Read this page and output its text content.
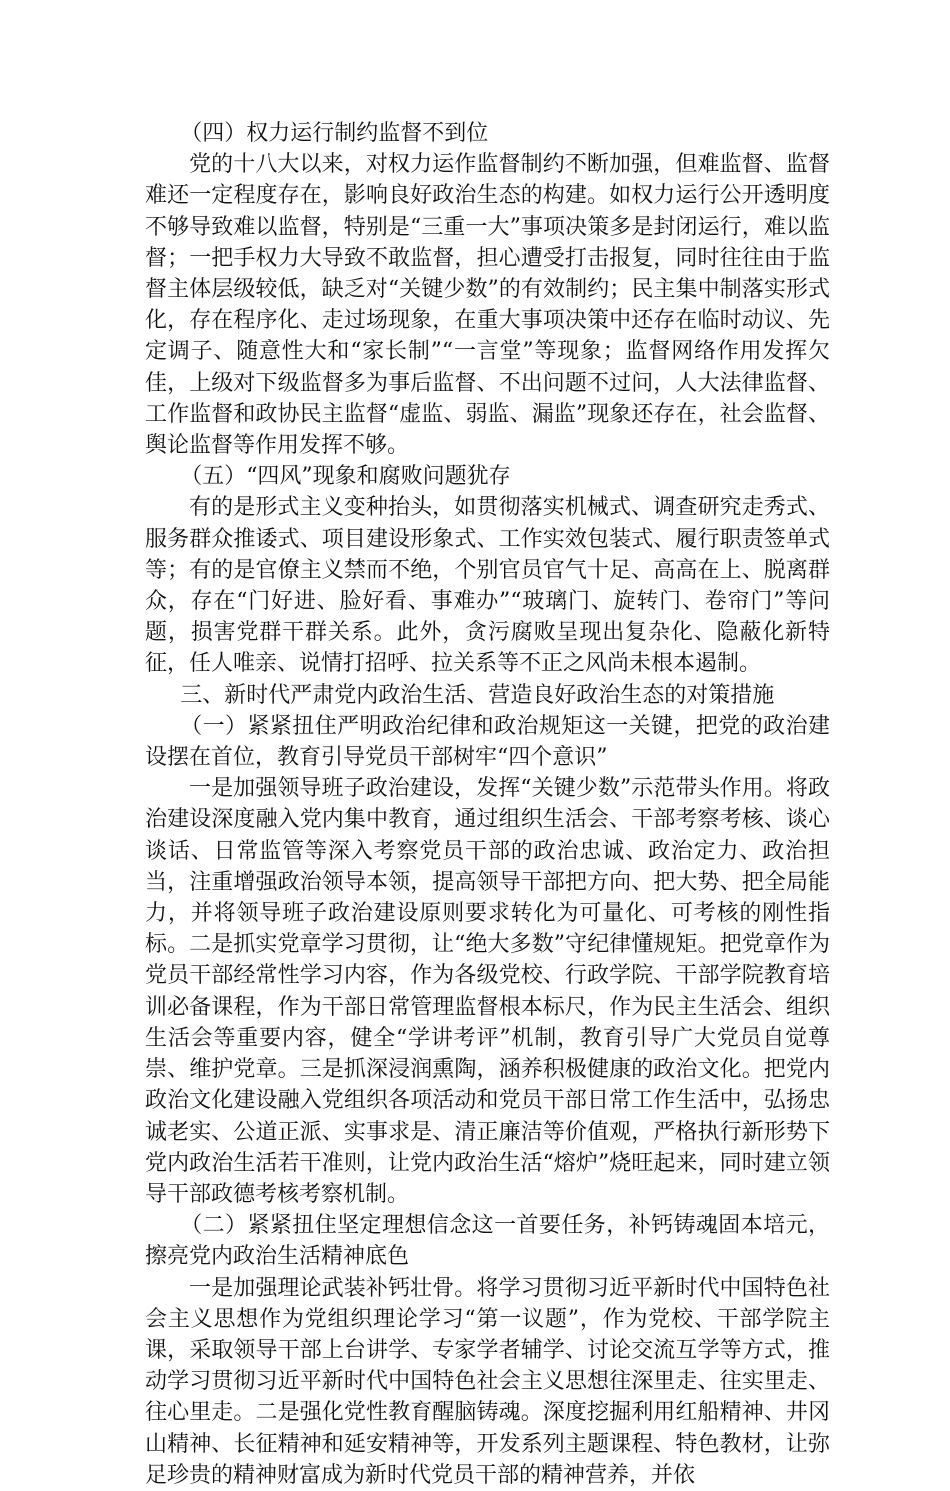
（四）权力运行制约监督不到位

党的十八大以来，对权力运作监督制约不断加强，但难监督、监督难还一定程度存在，影响良好政治生态的构建。如权力运行公开透明度不够导致难以监督，特别是“三重一大”事项决策多是封闭运行，难以监督；一把手权力大导致不敢监督，担心遭受打击报复，同时往往由于监督主体层级较低，缺乏对“关键少数”的有效制约；民主集中制落实形式化，存在程序化、走过场现象，在重大事项决策中还存在临时动议、先定调子、随意性大和“家长制”“一言堂”等现象；监督网络作用发挥欠佳，上级对下级监督多为事后监督、不出问题不过问，人大法律监督、工作监督和政协民主监督“虚监、弱监、漏监”现象还存在，社会监督、舆论监督等作用发挥不够。

（五）“四风”现象和腐败问题犹存

有的是形式主义变种抬头，如贯彻落实机械式、调查研究走秀式、服务群众推诿式、项目建设形象式、工作实效包装式、履行职责签单式等；有的是官僚主义禁而不绝，个别官员官气十足、高高在上、脱离群众，存在“门好进、脸好看、事难办”“玻璃门、旋转门、卷帘门”等问题，损害党群干群关系。此外，贪污腐败呈现出复杂化、隐蔽化新特征，任人唯亲、说情打招呼、拉关系等不正之风尚未根本遏制。

三、新时代严肃党内政治生活、营造良好政治生态的对策措施

（一）紧紧扭住严明政治纪律和政治规矩这一关键，把党的政治建设摆在首位，教育引导党员干部树牢“四个意识”

一是加强领导班子政治建设，发挥“关键少数”示范带头作用。将政治建设深度融入党内集中教育，通过组织生活会、干部考察考核、谈心谈话、日常监管等深入考察党员干部的政治忠诚、政治定力、政治担当，注重增强政治领导本领，提高领导干部把方向、把大势、把全局能力，并将领导班子政治建设原则要求转化为可量化、可考核的刚性指标。二是抓实党章学习贯彻，让“绝大多数”守纪律懂规矩。把党章作为党员干部经常性学习内容，作为各级党校、行政学院、干部学院教育培训必备课程，作为干部日常管理监督根本标尺，作为民主生活会、组织生活会等重要内容，健全“学讲考评”机制，教育引导广大党员自觉尊崇、维护党章。三是抓深浸润熏陶，涵养积极健康的政治文化。把党内政治文化建设融入党组织各项活动和党员干部日常工作生活中，弘扬忠诚老实、公道正派、实事求是、清正廉洁等价值观，严格执行新形势下党内政治生活若干准则，让党内政治生活“熔炉”烧旺起来，同时建立领导干部政德考核考察机制。

（二）紧紧扭住坚定理想信念这一首要任务，补钙铸魂固本培元，擦亮党内政治生活精神底色

一是加强理论武装补钙壮骨。将学习贯彻习近平新时代中国特色社会主义思想作为党组织理论学习“第一议题”，作为党校、干部学院主课，采取领导干部上台讲学、专家学者辅学、讨论交流互学等方式，推动学习贯彻习近平新时代中国特色社会主义思想往深里走、往实里走、往心里走。二是强化党性教育醒脑铸魂。深度挖掘利用红船精神、井冈山精神、长征精神和延安精神等，开发系列主题课程、特色教材，让弥足珍贵的精神财富成为新时代党员干部的精神营养，并依
